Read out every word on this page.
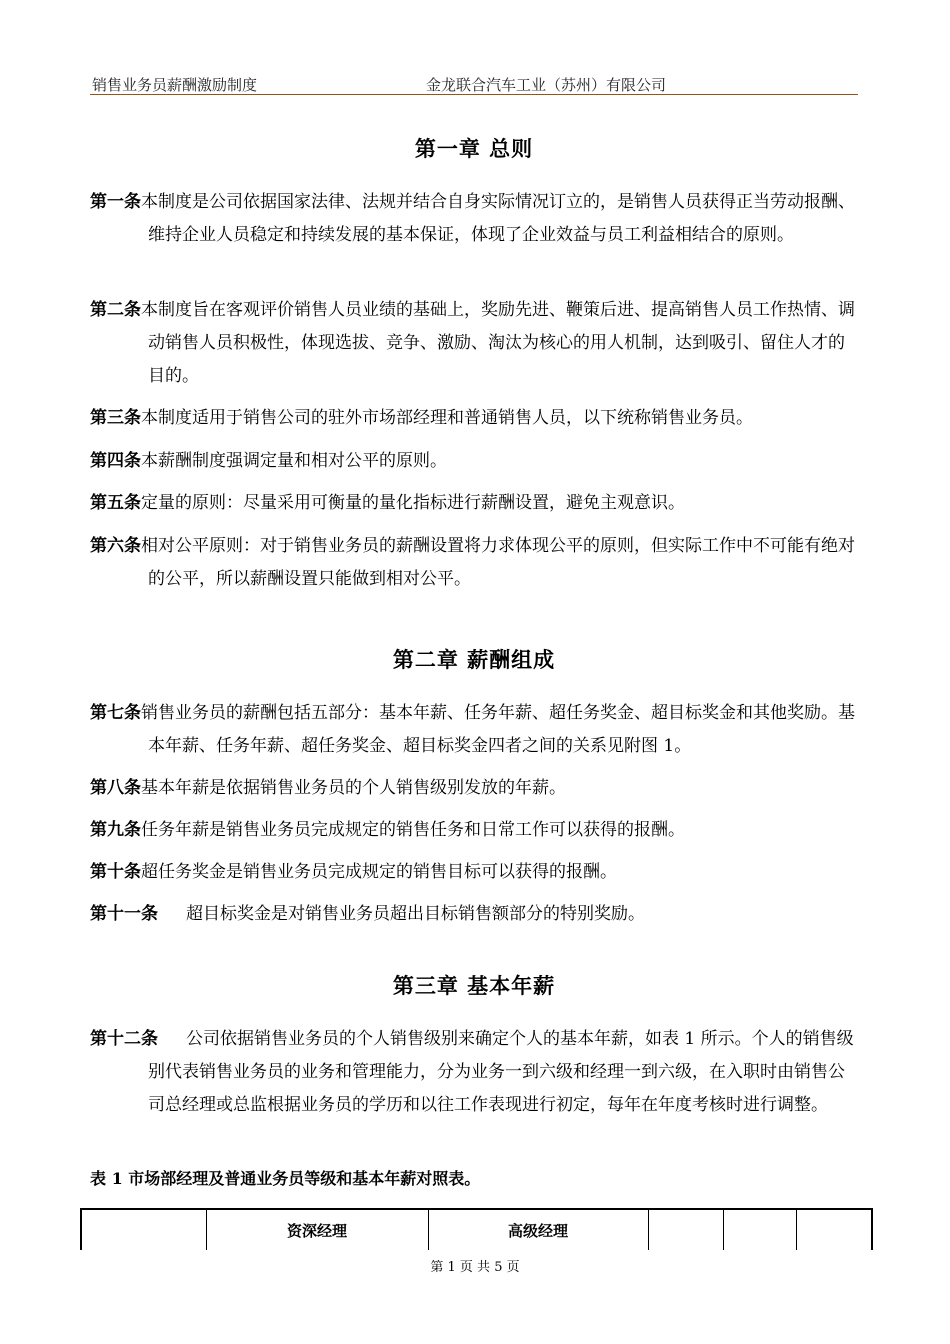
销售业务员薪酬激励制度	金龙联合汽车工业（苏州）有限公司
第一章 总则
第一条本制度是公司依据国家法律、法规并结合自身实际情况订立的，是销售人员获得正当劳动报酬、维持企业人员稳定和持续发展的基本保证，体现了企业效益与员工利益相结合的原则。
第二条本制度旨在客观评价销售人员业绩的基础上，奖励先进、鞭策后进、提高销售人员工作热情、调动销售人员积极性，体现选拔、竞争、激励、淘汰为核心的用人机制，达到吸引、留住人才的目的。
第三条本制度适用于销售公司的驻外市场部经理和普通销售人员，以下统称销售业务员。
第四条本薪酬制度强调定量和相对公平的原则。
第五条定量的原则：尽量采用可衡量的量化指标进行薪酬设置，避免主观意识。
第六条相对公平原则：对于销售业务员的薪酬设置将力求体现公平的原则，但实际工作中不可能有绝对的公平，所以薪酬设置只能做到相对公平。
第二章 薪酬组成
第七条销售业务员的薪酬包括五部分：基本年薪、任务年薪、超任务奖金、超目标奖金和其他奖励。基本年薪、任务年薪、超任务奖金、超目标奖金四者之间的关系见附图 1。
第八条基本年薪是依据销售业务员的个人销售级别发放的年薪。
第九条任务年薪是销售业务员完成规定的销售任务和日常工作可以获得的报酬。
第十条超任务奖金是销售业务员完成规定的销售目标可以获得的报酬。
第十一条 超目标奖金是对销售业务员超出目标销售额部分的特别奖励。
第三章 基本年薪
第十二条 公司依据销售业务员的个人销售级别来确定个人的基本年薪，如表 1 所示。个人的销售级别代表销售业务员的业务和管理能力，分为业务一到六级和经理一到六级，在入职时由销售公司总经理或总监根据业务员的学历和以往工作表现进行初定，每年在年度考核时进行调整。
表 1 市场部经理及普通业务员等级和基本年薪对照表。
	资深经理	高级经理			
第 1 页 共 5 页
